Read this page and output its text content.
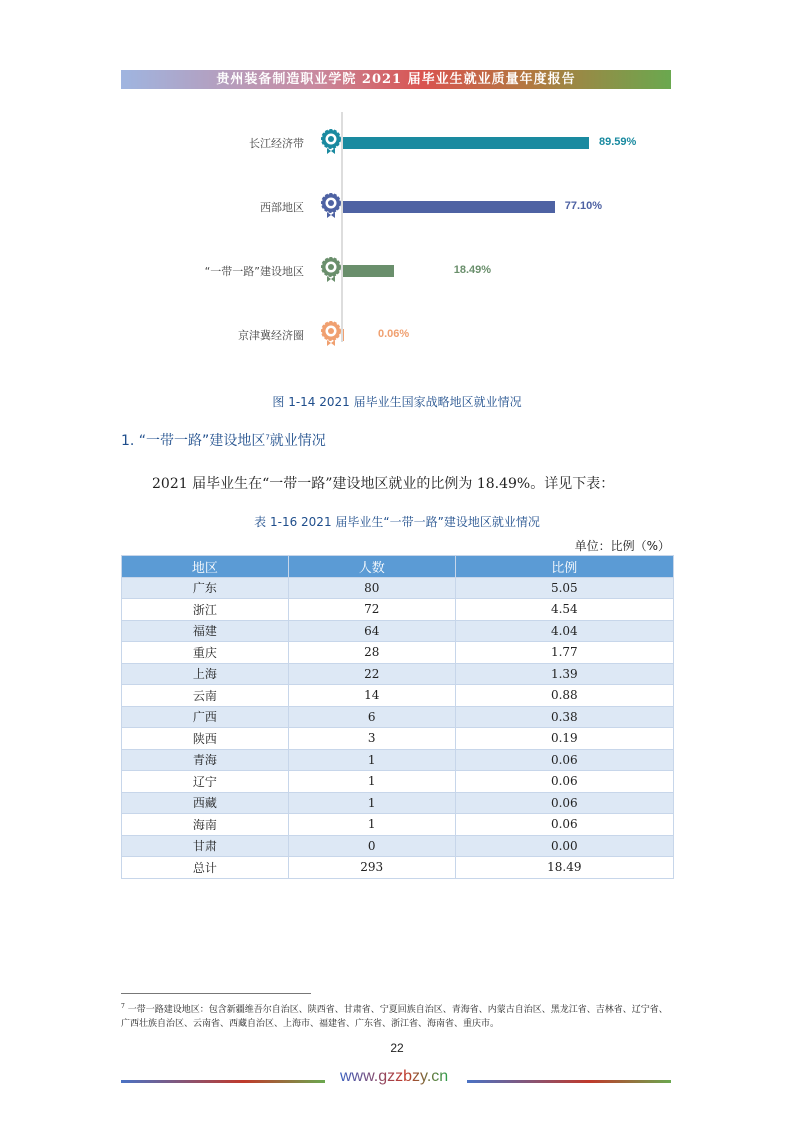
贵州装备制造职业学院 2021 届毕业生就业质量年度报告
长江经济带	89.59%
西部地区	77.10%
“一带一路”建设地区	18.49%
京津冀经济圈	0.06%
图 1-14 2021 届毕业生国家战略地区就业情况
1. “一带一路”建设地区$^7$就业情况
2021 届毕业生在“一带一路”建设地区就业的比例为 18.49%。详见下表：
表 1-16 2021 届毕业生“一带一路”建设地区就业情况
单位：比例（%）
地区	人数	比例
广东	80	5.05
浙江	72	4.54
福建	64	4.04
重庆	28	1.77
上海	22	1.39
云南	14	0.88
广西	6	0.38
陕西	3	0.19
青海	1	0.06
辽宁	1	0.06
西藏	1	0.06
海南	1	0.06
甘肃	0	0.00
总计	293	18.49
$^7$ 一带一路建设地区：包含新疆维吾尔自治区、陕西省、甘肃省、宁夏回族自治区、青海省、内蒙古自治区、黑龙江省、吉林省、辽宁省、广西壮族自治区、云南省、西藏自治区、上海市、福建省、广东省、浙江省、海南省、重庆市。
22
www.gzzbzy.cn
